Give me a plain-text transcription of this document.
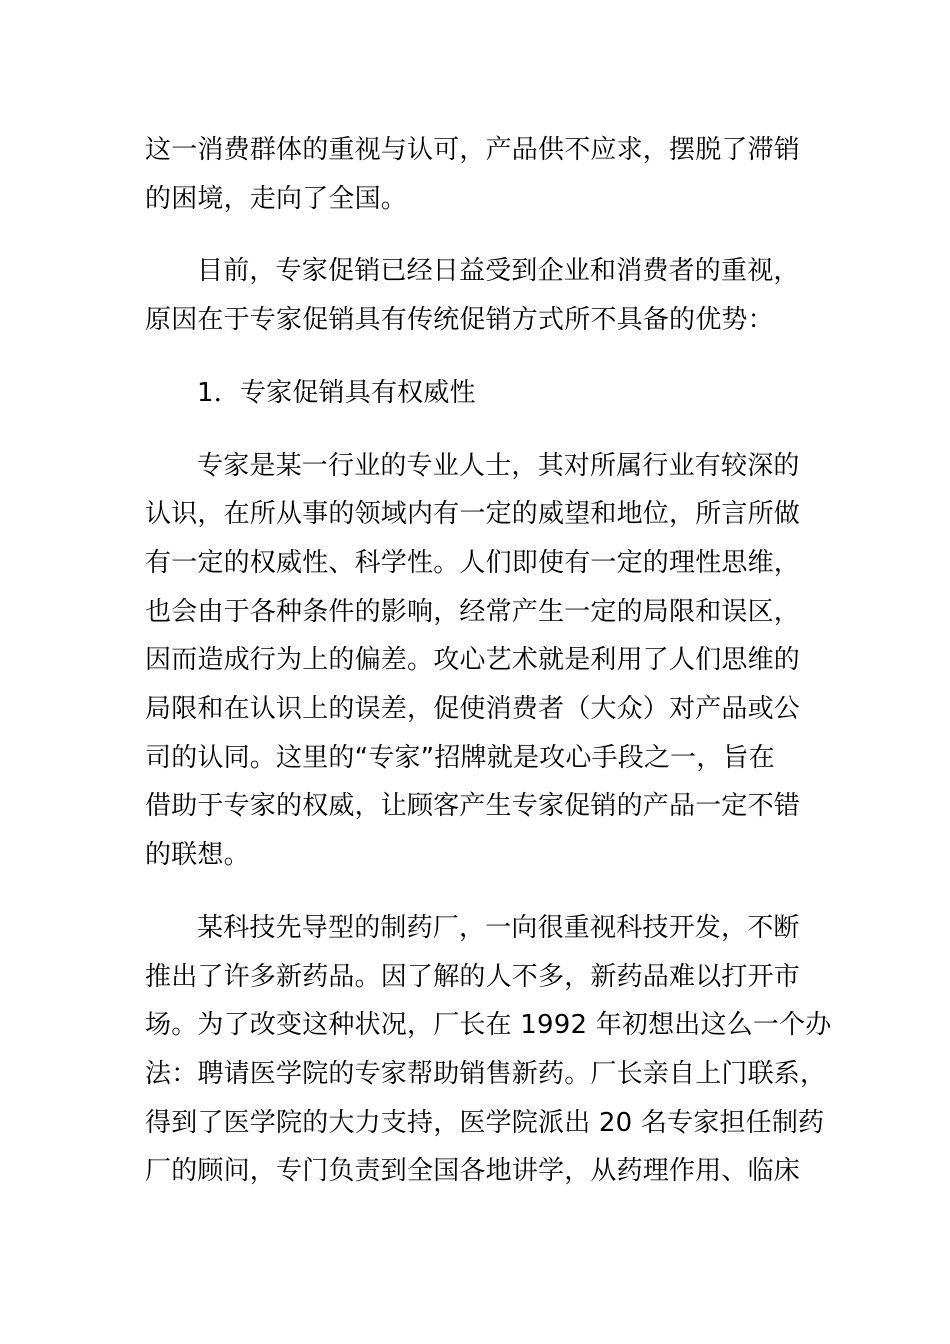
这一消费群体的重视与认可，产品供不应求，摆脱了滞销
的困境，走向了全国。

目前，专家促销已经日益受到企业和消费者的重视，
原因在于专家促销具有传统促销方式所不具备的优势：

1．专家促销具有权威性

专家是某一行业的专业人士，其对所属行业有较深的
认识，在所从事的领域内有一定的威望和地位，所言所做
有一定的权威性、科学性。人们即使有一定的理性思维，
也会由于各种条件的影响，经常产生一定的局限和误区，
因而造成行为上的偏差。攻心艺术就是利用了人们思维的
局限和在认识上的误差，促使消费者（大众）对产品或公
司的认同。这里的“专家”招牌就是攻心手段之一，旨在
借助于专家的权威，让顾客产生专家促销的产品一定不错
的联想。

某科技先导型的制药厂，一向很重视科技开发，不断
推出了许多新药品。因了解的人不多，新药品难以打开市
场。为了改变这种状况，厂长在 1992 年初想出这么一个办
法：聘请医学院的专家帮助销售新药。厂长亲自上门联系，
得到了医学院的大力支持，医学院派出 20 名专家担任制药
厂的顾问，专门负责到全国各地讲学，从药理作用、临床
